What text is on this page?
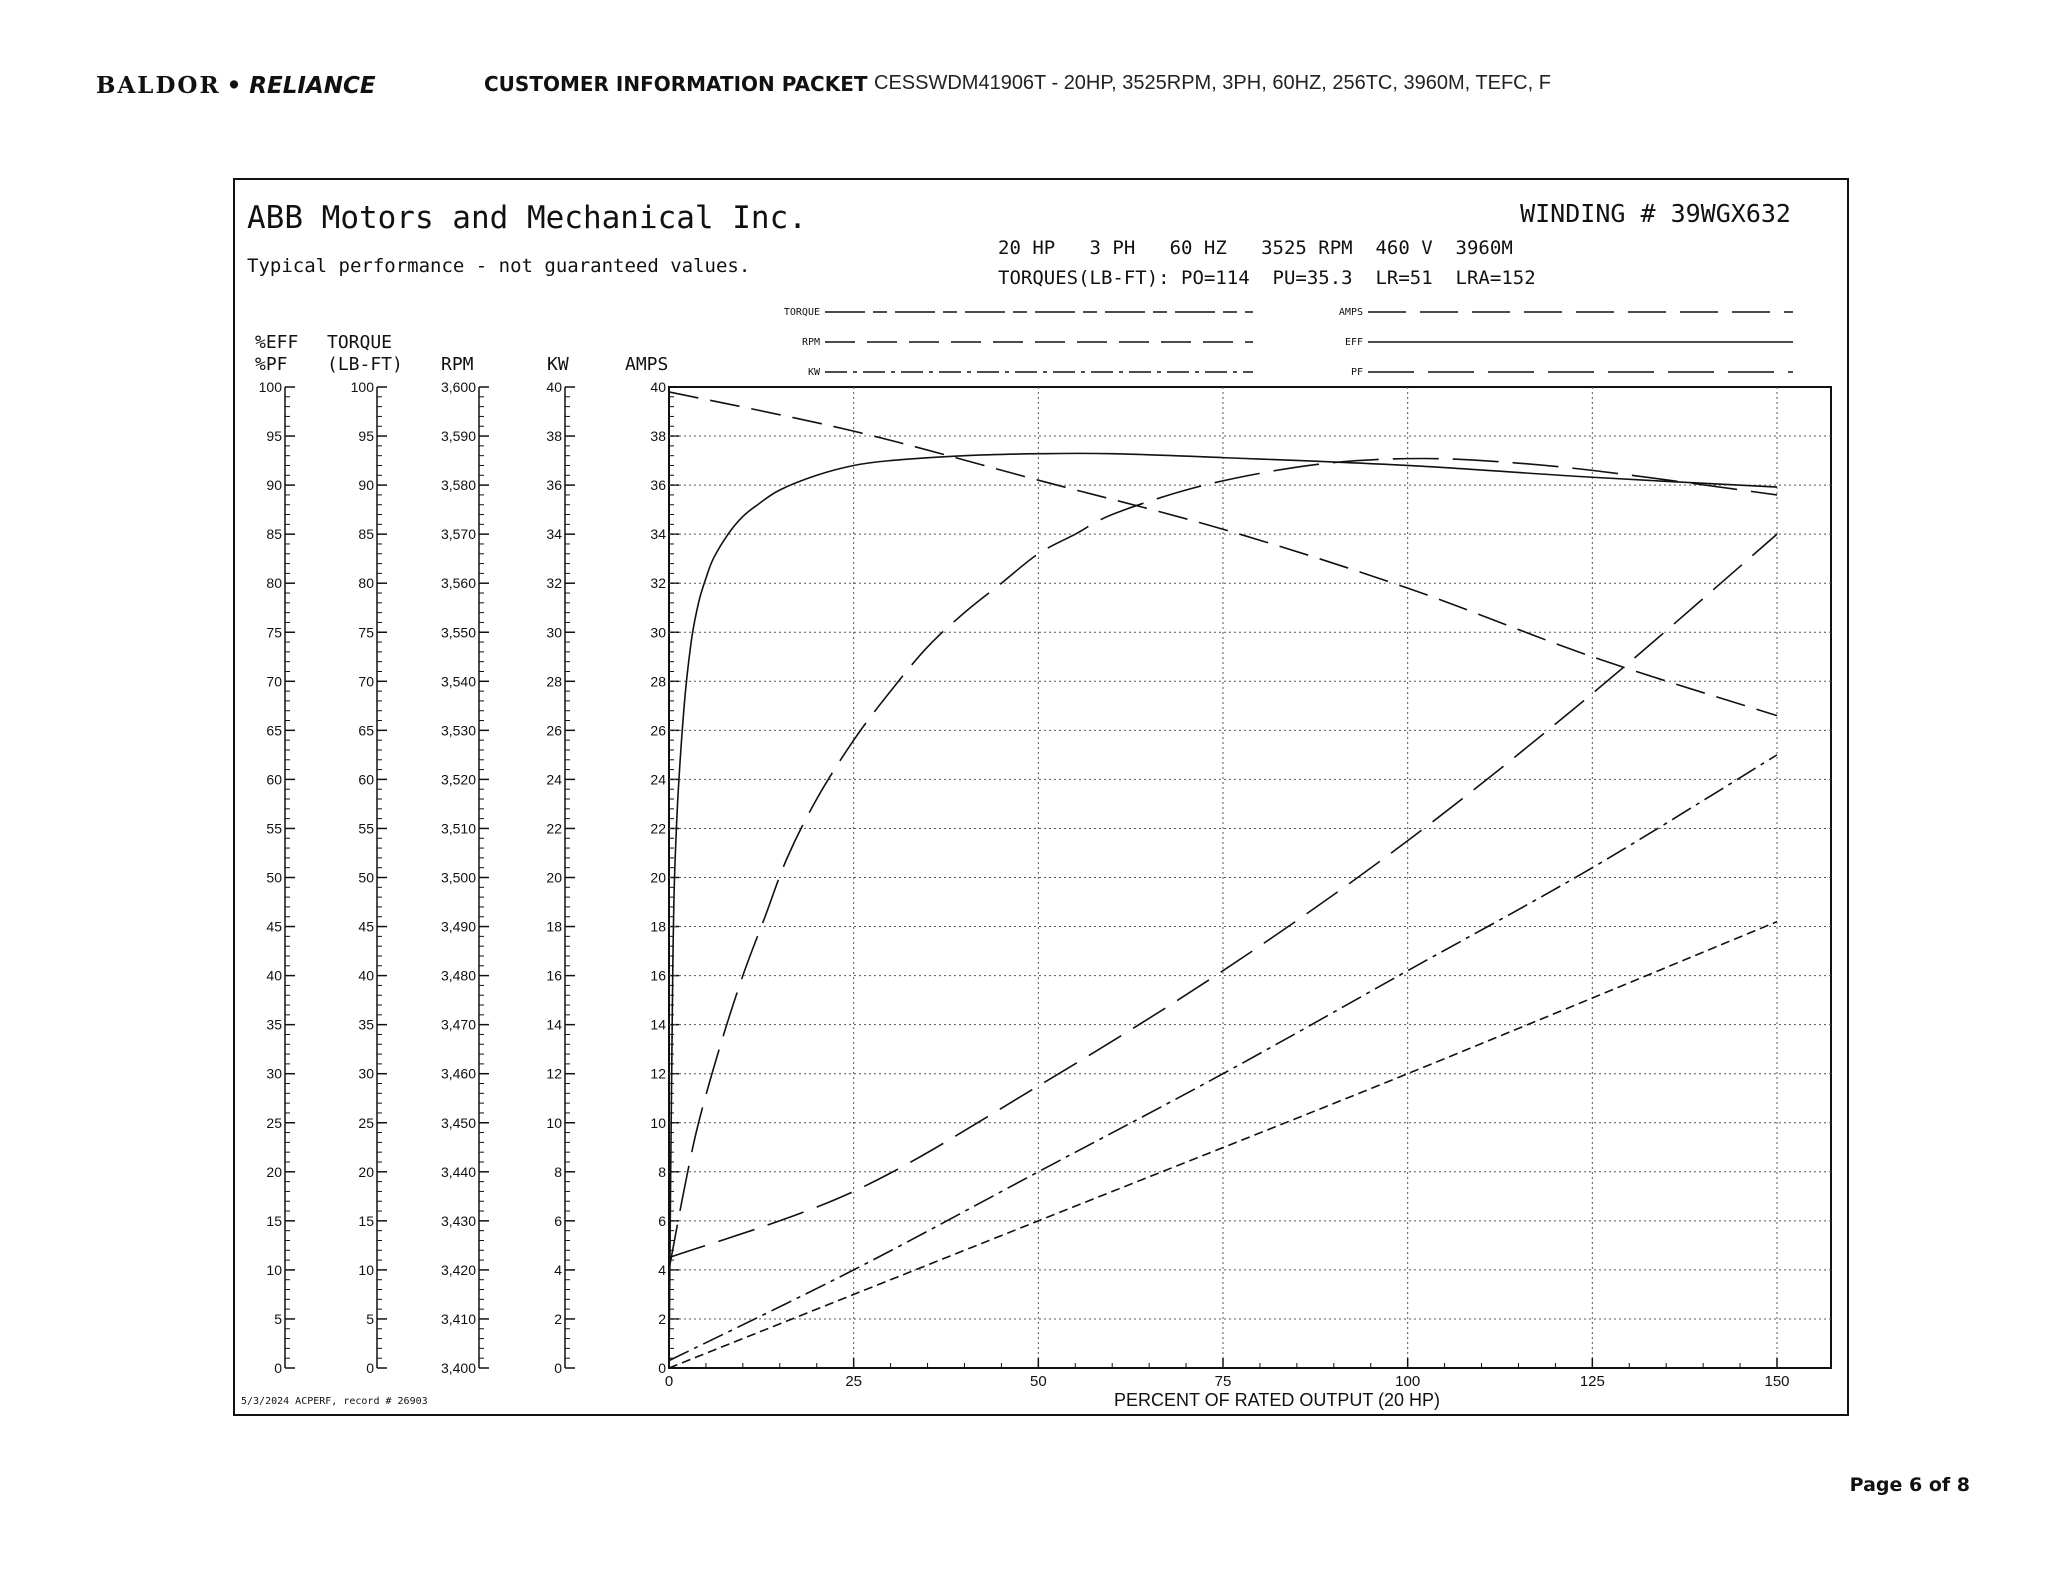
BALDOR • RELIANCE	CUSTOMER INFORMATION PACKET CESSWDM41906T - 20HP, 3525RPM, 3PH, 60HZ, 256TC, 3960M, TEFC, F
ABB Motors and Mechanical Inc.
Typical performance - not guaranteed values.
WINDING # 39WGX632
20 HP   3 PH   60 HZ   3525 RPM  460 V  3960M
TORQUES(LB-FT): PO=114  PU=35.3  LR=51  LRA=152
TORQUE
RPM
KW
AMPS
EFF
PF
%EFF
%PF
TORQUE
(LB-FT) RPM	KW	AMPS
0
5
10
15
20
25
30
35
40
45
50
55
60
65
70
75
80
85
90
95
100
0
5
10
15
20
25
30
35
40
45
50
55
60
65
70
75
80
85
90
95
100
3,400
3,410
3,420
3,430
3,440
3,450
3,460
3,470
3,480
3,490
3,500
3,510
3,520
3,530
3,540
3,550
3,560
3,570
3,580
3,590
3,600
0
2
4
6
8
10
12
14
16
18
20
22
24
26
28
30
32
34
36
38
40
0
2
4
6
8
10
12
14
16
18
20
22
24
26
28
30
32
34
36
38
40
0	25	50	75	100	125	150
PERCENT OF RATED OUTPUT (20 HP)
5/3/2024 ACPERF, record # 26903
Page 6 of 8
